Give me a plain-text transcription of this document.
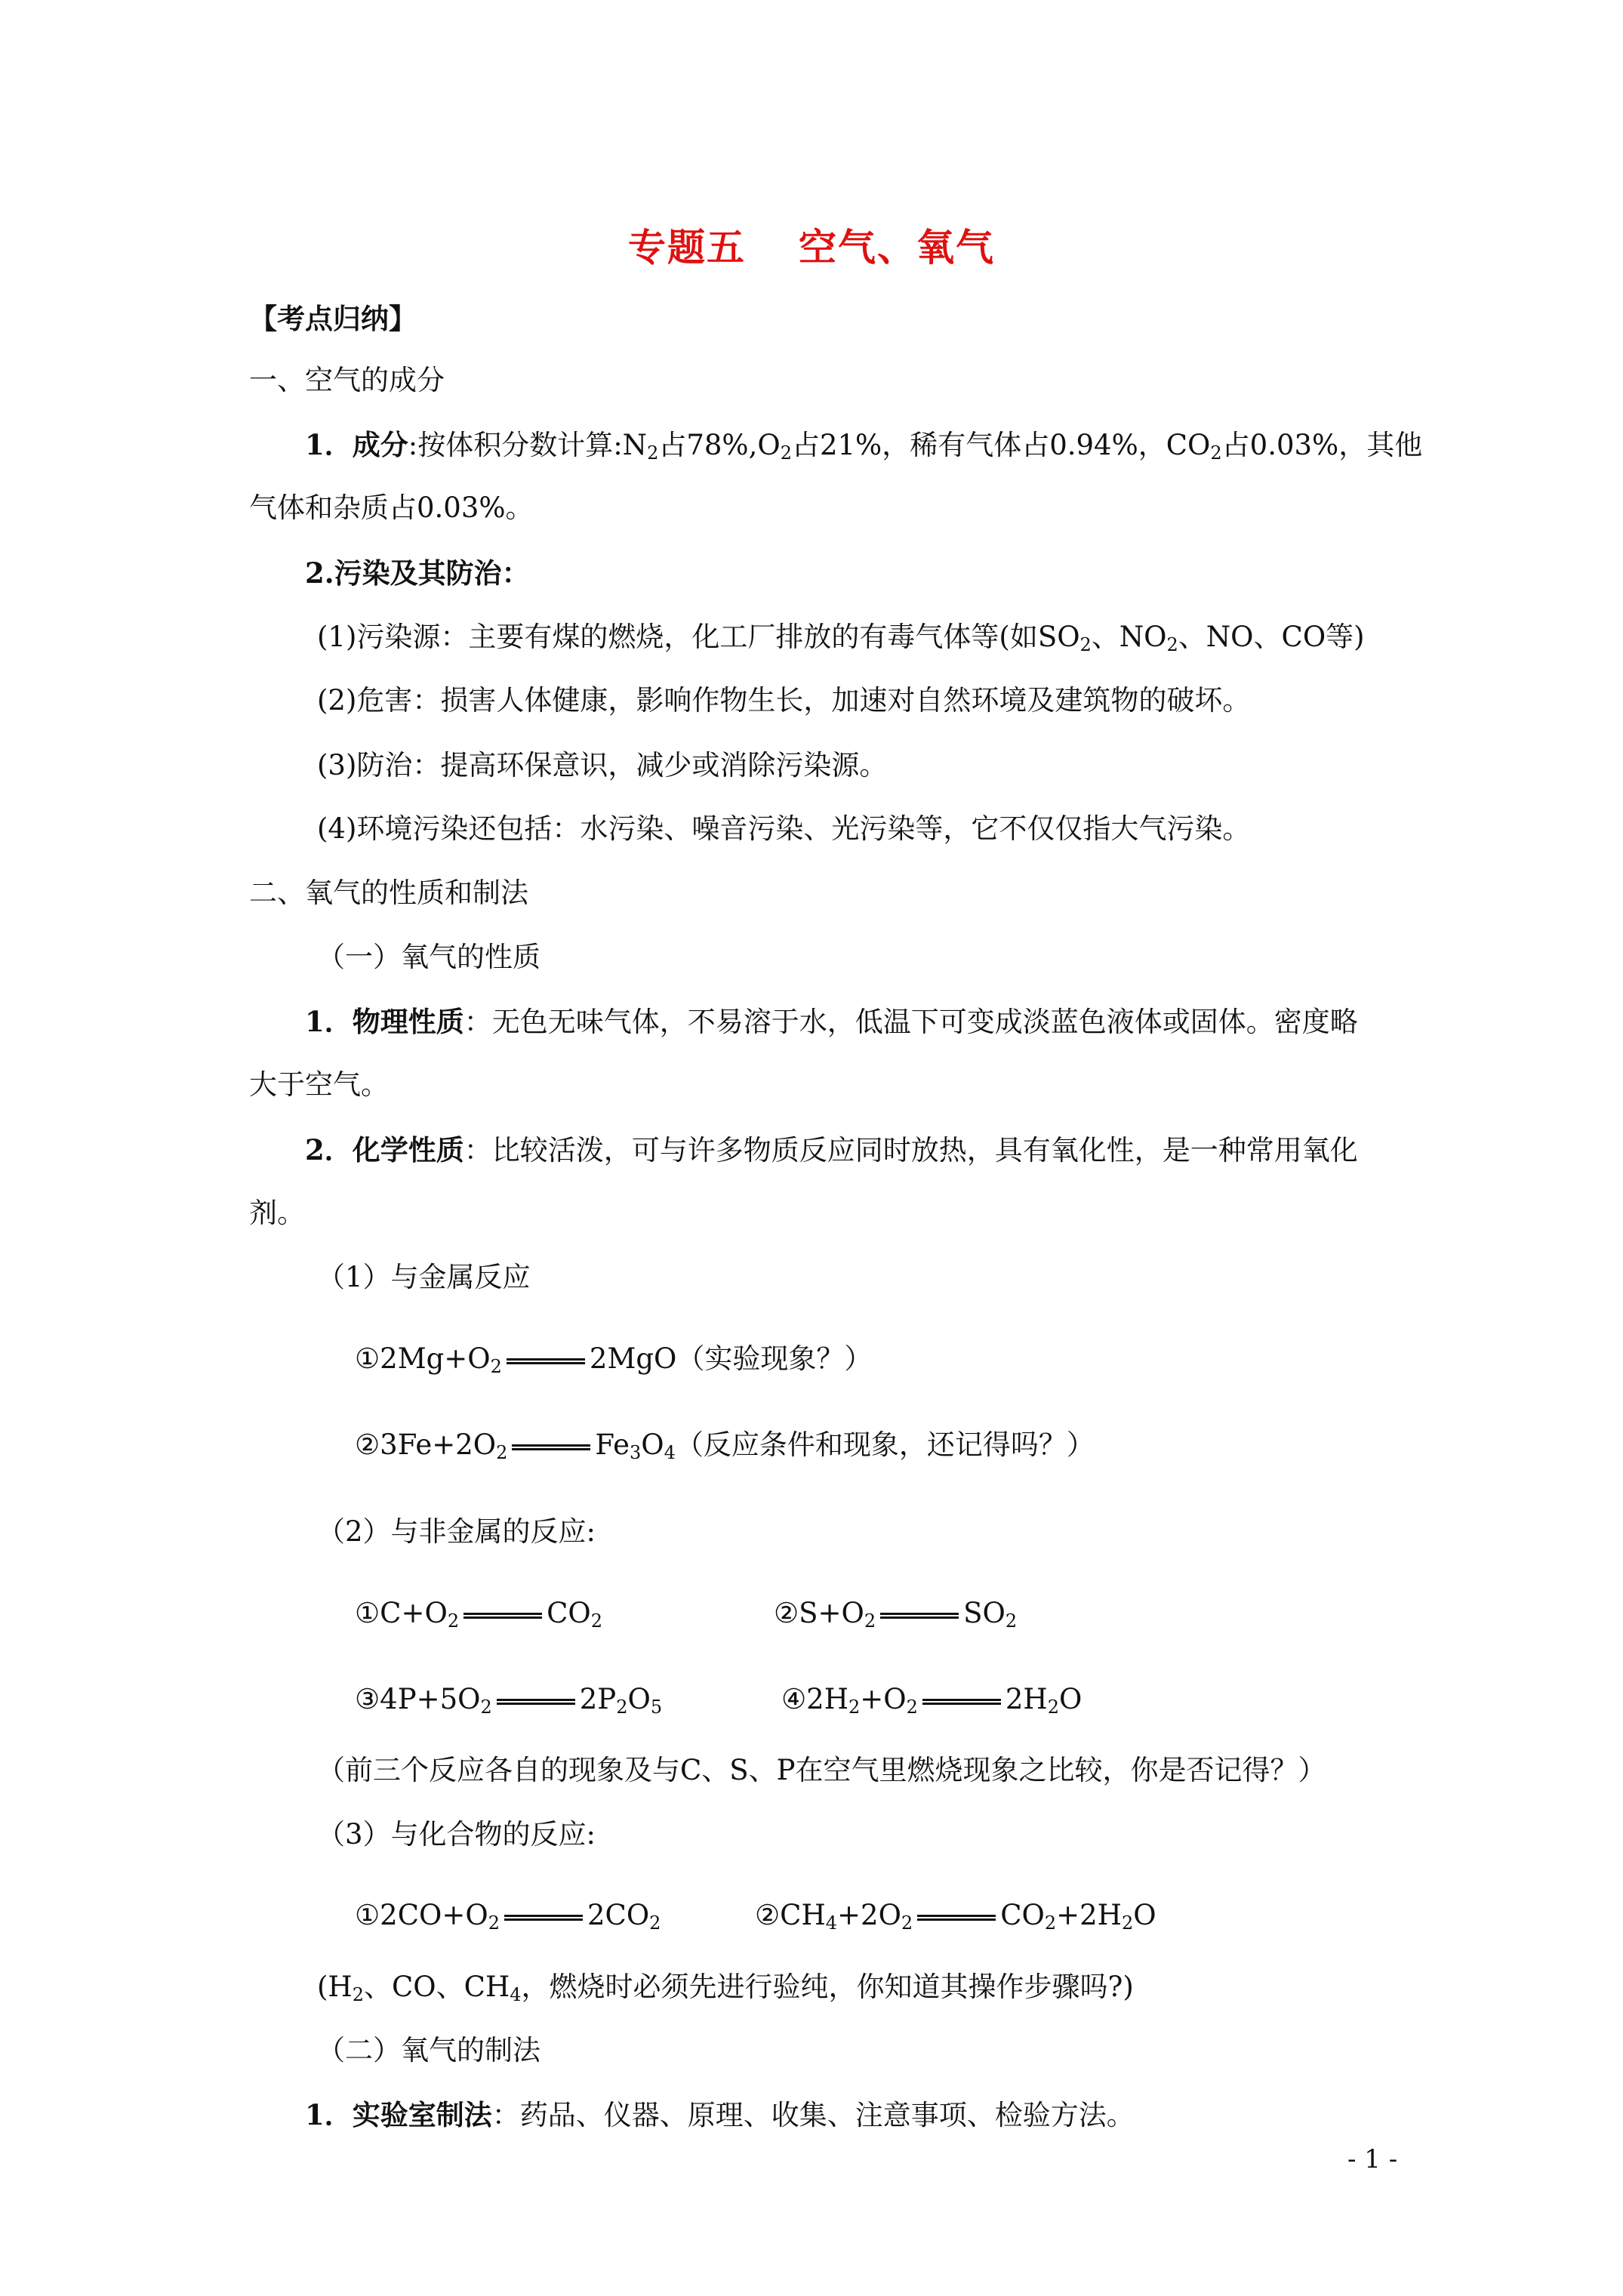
专题五 空气、氧气
【考点归纳】
一、空气的成分
1．成分:按体积分数计算$:N_2$占$78\%,O_2$占21%，稀有气体占0.94%，$CO_2$占0.03%，其他
气体和杂质占0.03%。
2.污染及其防治：
(1)污染源：主要有煤的燃烧，化工厂排放的有毒气体等(如$SO_2$、$NO_2$、NO、CO等)
(2)危害：损害人体健康，影响作物生长，加速对自然环境及建筑物的破坏。
(3)防治：提高环保意识，减少或消除污染源。
(4)环境污染还包括：水污染、噪音污染、光污染等，它不仅仅指大气污染。
二、氧气的性质和制法
（一）氧气的性质
1．物理性质：无色无味气体，不易溶于水，低温下可变成淡蓝色液体或固体。密度略
大于空气。
2．化学性质：比较活泼，可与许多物质反应同时放热，具有氧化性，是一种常用氧化
剂。
（1）与金属反应
$①2Mg+O_2$	2MgO（实验现象？）
$②3Fe+2O_2$	$Fe_3O_4$（反应条件和现象，还记得吗？）
（2）与非金属的反应:
$①C+O_2$	$CO_2$	$②S+O_2$	$SO_2$
$③4P+5O_2$	$2P_2O_5$	$④2H_2+O_2$	$2H_2O$
（前三个反应各自的现象及与C、S、P在空气里燃烧现象之比较，你是否记得？）
（3）与化合物的反应:
$①2CO+O_2$	$2CO_2$	$②CH_4+2O_2$	$CO_2+2H_2O$
($H_2$、CO、$CH_4$，燃烧时必须先进行验纯，你知道其操作步骤吗?)
（二）氧气的制法
1．实验室制法：药品、仪器、原理、收集、注意事项、检验方法。
- 1 -
